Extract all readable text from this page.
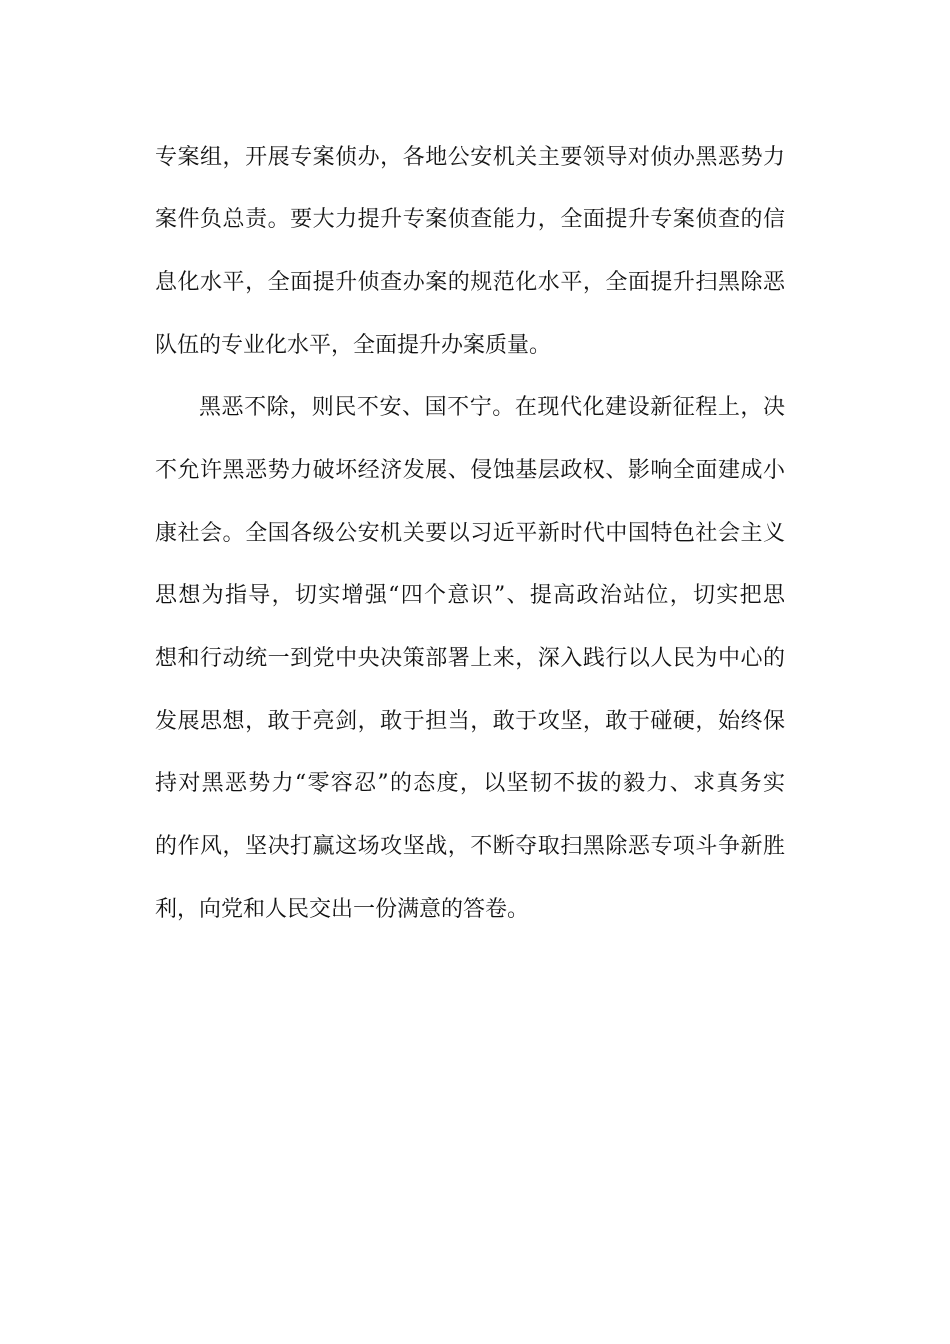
专案组，开展专案侦办，各地公安机关主要领导对侦办黑恶势力
案件负总责。要大力提升专案侦查能力，全面提升专案侦查的信
息化水平，全面提升侦查办案的规范化水平，全面提升扫黑除恶
队伍的专业化水平，全面提升办案质量。
黑恶不除，则民不安、国不宁。在现代化建设新征程上，决
不允许黑恶势力破坏经济发展、侵蚀基层政权、影响全面建成小
康社会。全国各级公安机关要以习近平新时代中国特色社会主义
思想为指导，切实增强“四个意识”、提高政治站位，切实把思
想和行动统一到党中央决策部署上来，深入践行以人民为中心的
发展思想，敢于亮剑，敢于担当，敢于攻坚，敢于碰硬，始终保
持对黑恶势力“零容忍”的态度，以坚韧不拔的毅力、求真务实
的作风，坚决打赢这场攻坚战，不断夺取扫黑除恶专项斗争新胜
利，向党和人民交出一份满意的答卷。
